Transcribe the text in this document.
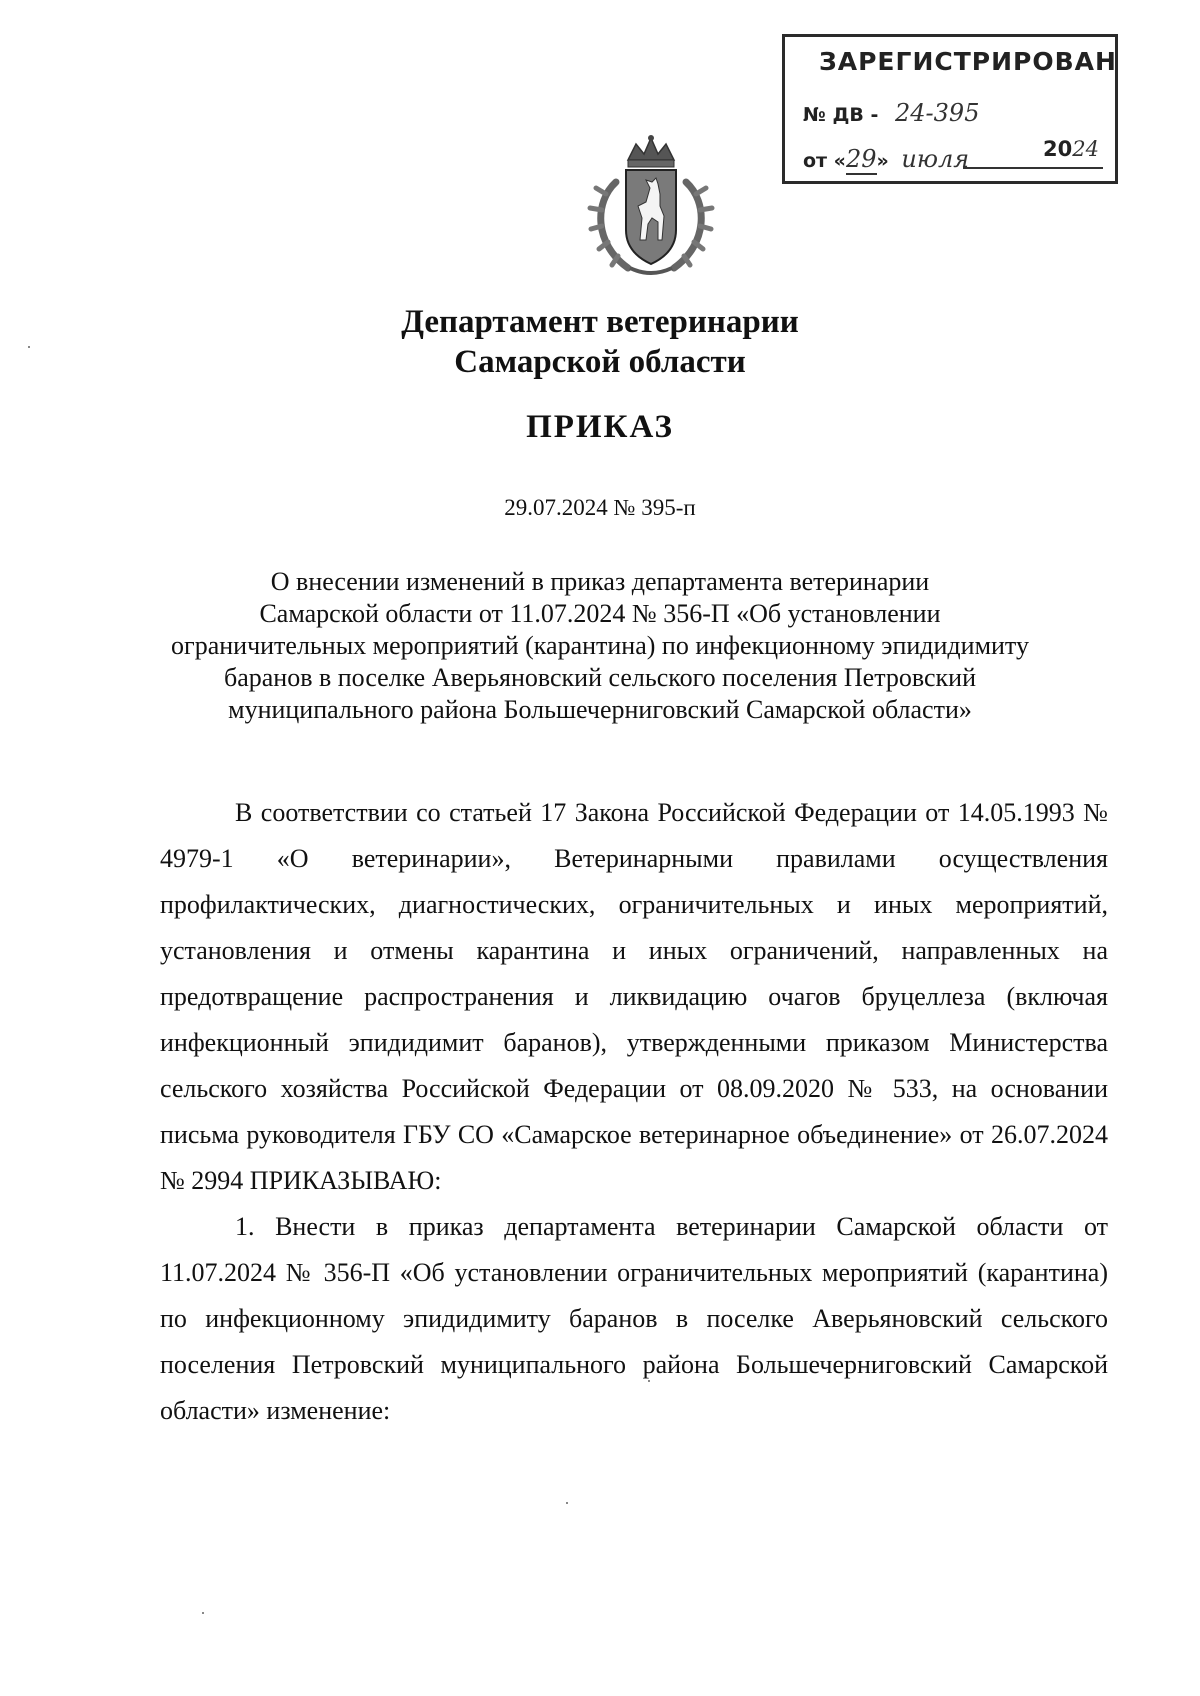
ЗАРЕГИСТРИРОВАН
№ ДВ - 24-395
от «29» июля	2024
Департамент ветеринарии
Самарской области
ПРИКАЗ
29.07.2024 № 395-п
О внесении изменений в приказ департамента ветеринарии
Самарской области от 11.07.2024 № 356-П «Об установлении
ограничительных мероприятий (карантина) по инфекционному эпидидимиту
баранов в поселке Аверьяновский сельского поселения Петровский
муниципального района Большечерниговский Самарской области»

В соответствии со статьей 17 Закона Российской Федерации от 14.05.1993 № 4979-1 «О ветеринарии», Ветеринарными правилами осуществления профилактических, диагностических, ограничительных и иных мероприятий, установления и отмены карантина и иных ограничений, направленных на предотвращение распространения и ликвидацию очагов бруцеллеза (включая инфекционный эпидидимит баранов), утвержденными приказом Министерства сельского хозяйства Российской Федерации от 08.09.2020 № 533, на основании письма руководителя ГБУ СО «Самарское ветеринарное объединение» от 26.07.2024 № 2994 ПРИКАЗЫВАЮ:

1. Внести в приказ департамента ветеринарии Самарской области от 11.07.2024 № 356-П «Об установлении ограничительных мероприятий (карантина) по инфекционному эпидидимиту баранов в поселке Аверьяновский сельского поселения Петровский муниципального района Большечерниговский Самарской области» изменение:
